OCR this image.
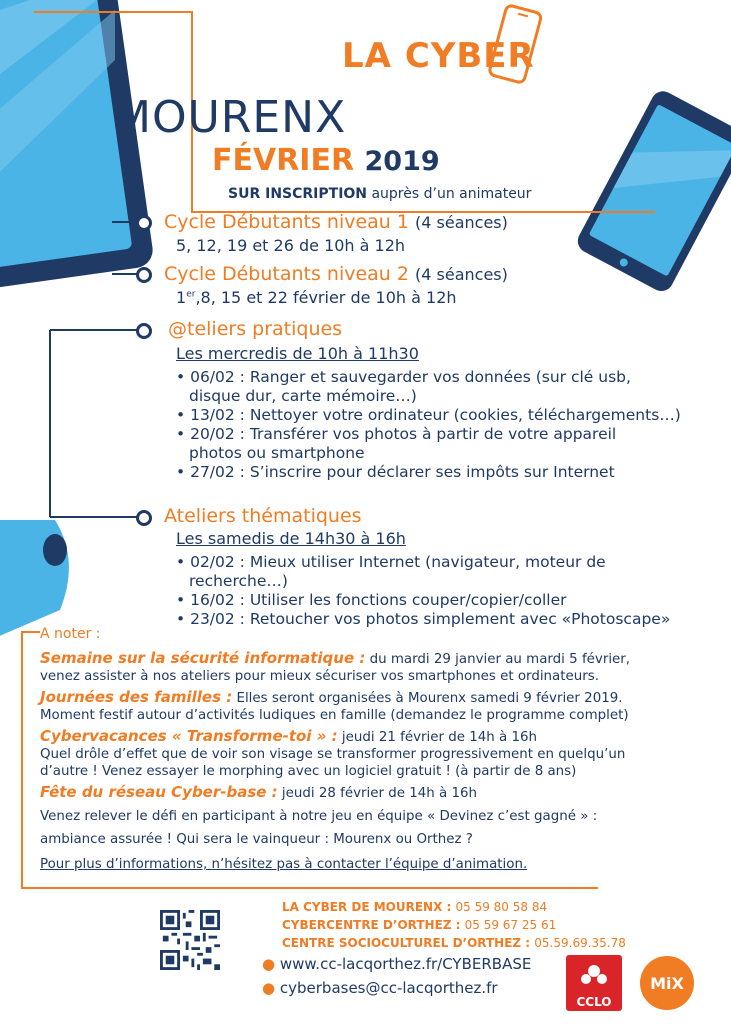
LA CYBER
MOURENX
FÉVRIER 2019
SUR INSCRIPTION auprès d’un animateur
Cycle Débutants niveau 1 (4 séances)
5, 12, 19 et 26 de 10h à 12h
Cycle Débutants niveau 2 (4 séances)
1er,8, 15 et 22 février de 10h à 12h
@teliers pratiques
Les mercredis de 10h à 11h30
• 06/02 : Ranger et sauvegarder vos données (sur clé usb,
disque dur, carte mémoire…)
• 13/02 : Nettoyer votre ordinateur (cookies, téléchargements…)
• 20/02 : Transférer vos photos à partir de votre appareil
photos ou smartphone
• 27/02 : S’inscrire pour déclarer ses impôts sur Internet
Ateliers thématiques
Les samedis de 14h30 à 16h
• 02/02 : Mieux utiliser Internet (navigateur, moteur de
recherche…)
• 16/02 : Utiliser les fonctions couper/copier/coller
• 23/02 : Retoucher vos photos simplement avec «Photoscape»
A noter :
Semaine sur la sécurité informatique : du mardi 29 janvier au mardi 5 février,
venez assister à nos ateliers pour mieux sécuriser vos smartphones et ordinateurs.
Journées des familles : Elles seront organisées à Mourenx samedi 9 février 2019.
Moment festif autour d’activités ludiques en famille (demandez le programme complet)
Cybervacances « Transforme-toi » : jeudi 21 février de 14h à 16h
Quel drôle d’effet que de voir son visage se transformer progressivement en quelqu’un
d’autre ! Venez essayer le morphing avec un logiciel gratuit ! (à partir de 8 ans)
Fête du réseau Cyber-base : jeudi 28 février de 14h à 16h
Venez relever le défi en participant à notre jeu en équipe « Devinez c’est gagné » :
ambiance assurée ! Qui sera le vainqueur : Mourenx ou Orthez ?
Pour plus d’informations, n’hésitez pas à contacter l’équipe d’animation.
LA CYBER DE MOURENX : 05 59 80 58 84
CYBERCENTRE D’ORTHEZ : 05 59 67 25 61
CENTRE SOCIOCULTUREL D’ORTHEZ : 05.59.69.35.78
● www.cc-lacqorthez.fr/CYBERBASE
● cyberbases@cc-lacqorthez.fr
CCLO
MiX
